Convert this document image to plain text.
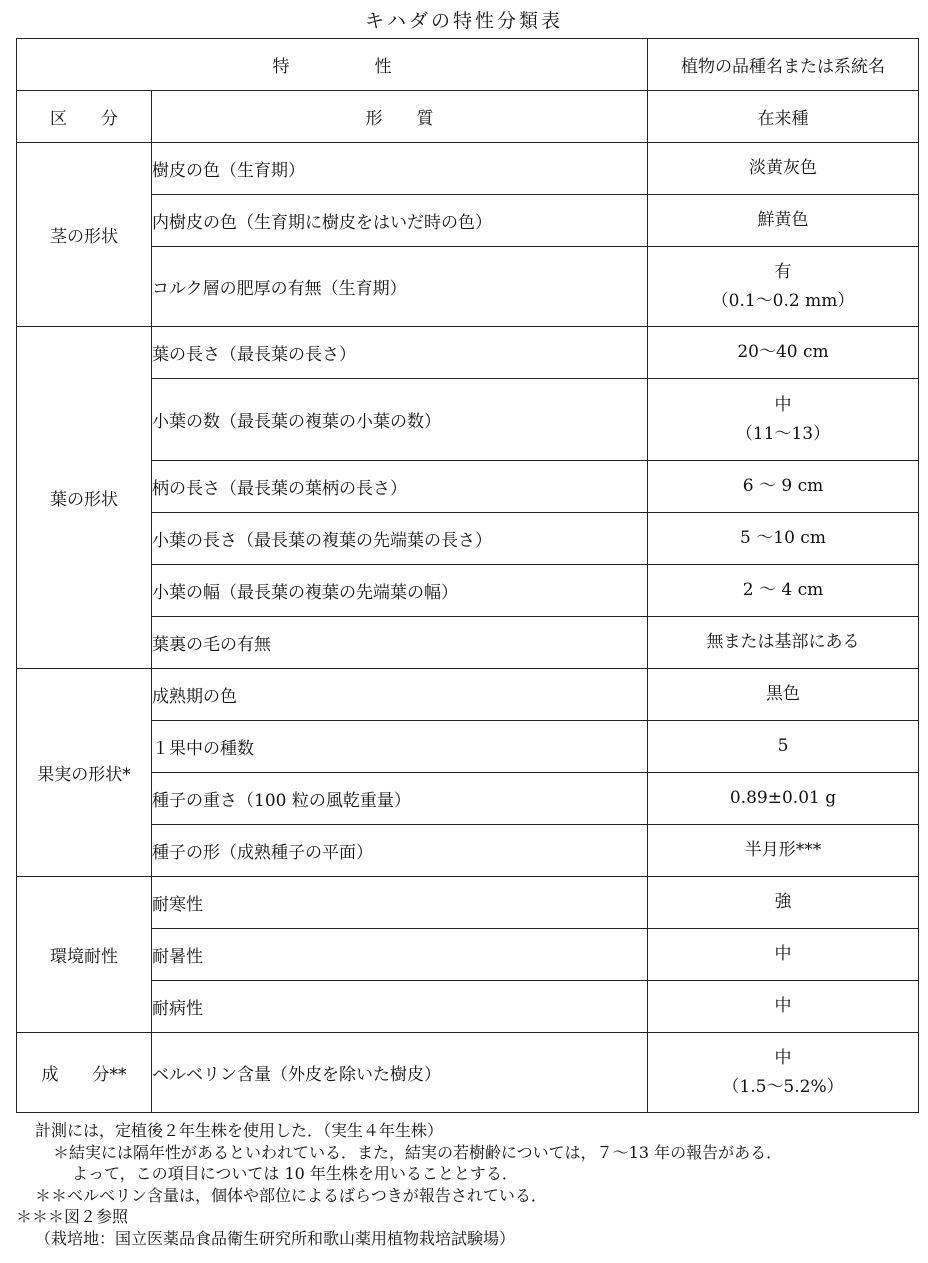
キハダの特性分類表
特　　　　　性		植物の品種名または系統名
区　　分	形　　質	在来種
茎の形状	樹皮の色（生育期）	淡黄灰色

	内樹皮の色（生育期に樹皮をはいだ時の色）	鮮黄色

	コルク層の肥厚の有無（生育期）	有
（0.1～0.2 mm）

葉の形状	葉の長さ（最長葉の長さ）	20～40 cm

	小葉の数（最長葉の複葉の小葉の数）	中
（11～13）

	柄の長さ（最長葉の葉柄の長さ）	6 ～ 9 cm

	小葉の長さ（最長葉の複葉の先端葉の長さ）	5 ～10 cm

	小葉の幅（最長葉の複葉の先端葉の幅）	2 ～ 4 cm

	葉裏の毛の有無	無または基部にある

果実の形状*	成熟期の色	黒色

	１果中の種数	5

	種子の重さ（100 粒の風乾重量）	0.89±0.01 g

	種子の形（成熟種子の平面）	半月形***

環境耐性	耐寒性	強

	耐暑性	中

	耐病性	中

成　　分**	ベルベリン含量（外皮を除いた樹皮）	中
（1.5～5.2%）
計測には，定植後２年生株を使用した．（実生４年生株）
＊結実には隔年性があるといわれている．また，結実の若樹齢については，７～13 年の報告がある．
よって，この項目については 10 年生株を用いることとする．
＊＊ベルベリン含量は，個体や部位によるばらつきが報告されている．
＊＊＊図２参照
（栽培地：国立医薬品食品衛生研究所和歌山薬用植物栽培試験場）
